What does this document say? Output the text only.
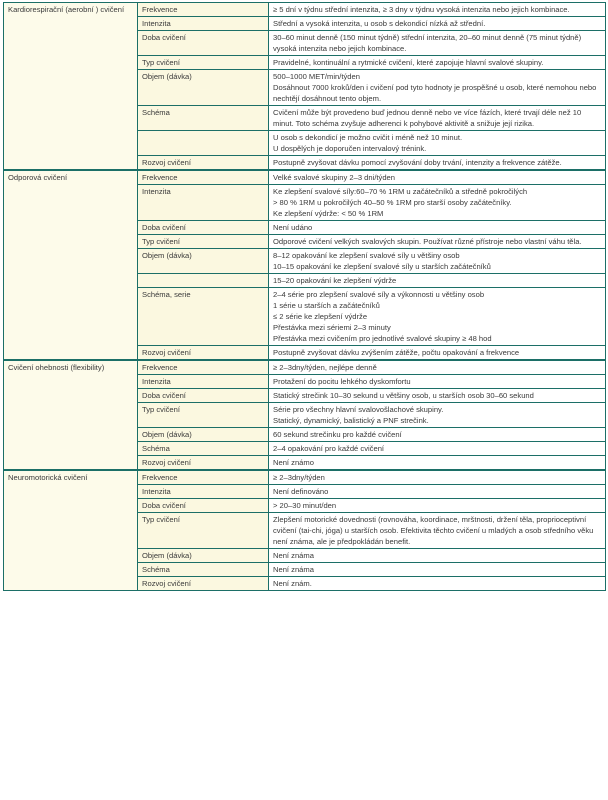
Kardiorespirační (aerobní ) cvičení	Frekvence	≥ 5 dní v týdnu střední intenzita, ≥ 3 dny v týdnu vysoká intenzita nebo jejich kombinace.

	Intenzita	Střední a vysoká intenzita, u osob s dekondicí nízká až střední.

	Doba cvičení	30–60 minut denně (150 minut týdně) střední intenzita, 20–60 minut denně (75 minut týdně) vysoká intenzita nebo jejich kombinace.

	Typ cvičení	Pravidelné, kontinuální a rytmické cvičení, které zapojuje hlavní svalové skupiny.

	Objem (dávka)	500–1000 MET/min/týden
Dosáhnout 7000 kroků/den i cvičení pod tyto hodnoty je prospěšné u osob, které nemohou nebo nechtějí dosáhnout tento objem.

	Schéma	Cvičení může být provedeno buď jednou denně nebo ve více fázích, které trvají déle než 10 minut. Toto schéma zvyšuje adherenci k pohybové aktivitě a snižuje její rizika.

		U osob s dekondicí je možno cvičit i méně než 10 minut.
U dospělých je doporučen intervalový trénink.

	Rozvoj cvičení	Postupně zvyšovat dávku pomocí zvyšování doby trvání, intenzity a frekvence zátěže.

Odporová cvičení	Frekvence	Velké svalové skupiny 2–3 dni/týden

	Intenzita	Ke zlepšení svalové síly:60–70 % 1RM u začátečníků a středně pokročilých
> 80 % 1RM u pokročilých 40–50 % 1RM pro starší osoby začátečníky.
Ke zlepšení výdrže: < 50 % 1RM

	Doba cvičení	Není udáno

	Typ cvičení	Odporové cvičení velkých svalových skupin. Používat různé přístroje nebo vlastní váhu těla.

	Objem (dávka)	8–12 opakování ke zlepšení svalové síly u většiny osob
10–15 opakování ke zlepšení svalové síly u starších začátečníků

		15–20 opakování ke zlepšení výdrže

	Schéma, serie	2–4 série pro zlepšení svalové síly a výkonnosti u většiny osob
1 série u starších a začátečníků
≤ 2 série ke zlepšení výdrže
Přestávka mezi sériemi 2–3 minuty
Přestávka mezi cvičením pro jednotlivé svalové skupiny ≥ 48 hod

	Rozvoj cvičení	Postupně zvyšovat dávku zvýšením zátěže, počtu opakování a frekvence

Cvičení ohebnosti (flexibility)	Frekvence	≥ 2–3dny/týden, nejlépe denně

	Intenzita	Protažení do pocitu lehkého dyskomfortu

	Doba cvičení	Statický strečink 10–30 sekund u většiny osob, u starších osob 30–60 sekund

	Typ cvičení	Série pro všechny hlavní svalovošlachové skupiny.
Statický, dynamický, balistický a PNF strečink.

	Objem (dávka)	60 sekund strečinku pro každé cvičení

	Schéma	2–4 opakování pro každé cvičení

	Rozvoj cvičení	Není známo

Neuromotorická cvičení	Frekvence	≥ 2–3dny/týden

	Intenzita	Není definováno

	Doba cvičení	> 20–30 minut/den

	Typ cvičení	Zlepšení motorické dovednosti (rovnováha, koordinace, mrštnosti, držení těla, proprioceptivní cvičení (tai-chi, jóga) u starších osob. Efektivita těchto cvičení u mladých a osob středního věku není známa, ale je předpokládán benefit.

	Objem (dávka)	Není známa

	Schéma	Není známa

	Rozvoj cvičení	Není znám.
